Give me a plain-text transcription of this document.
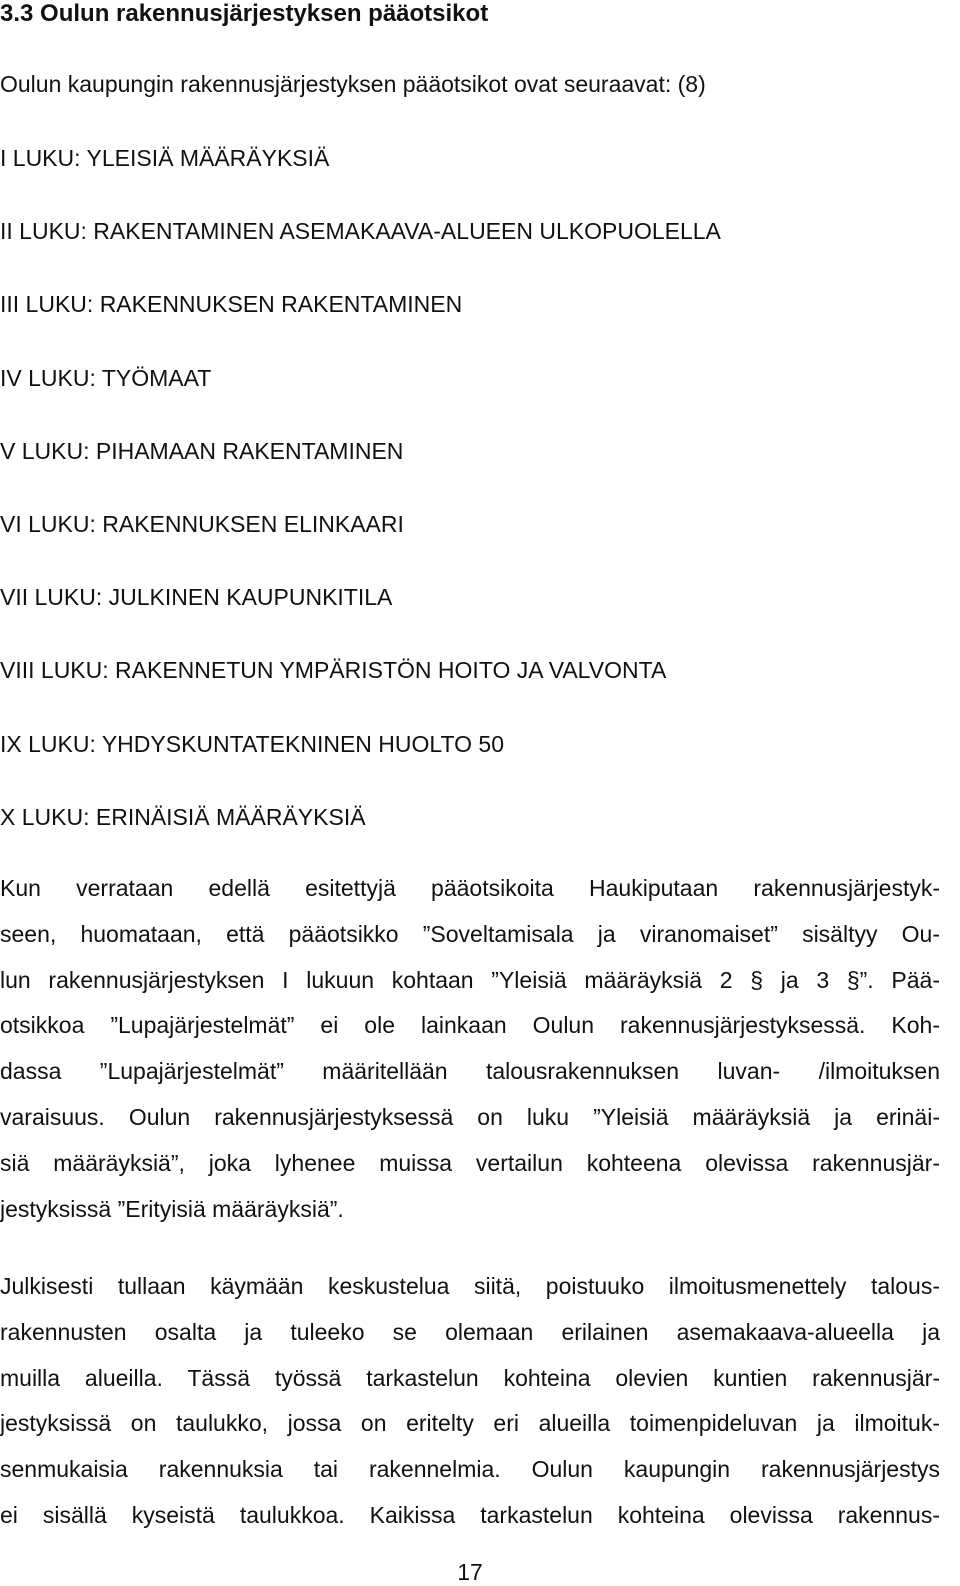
3.3 Oulun rakennusjärjestyksen pääotsikot
Oulun kaupungin rakennusjärjestyksen pääotsikot ovat seuraavat: (8)
I LUKU: YLEISIÄ MÄÄRÄYKSIÄ
II LUKU: RAKENTAMINEN ASEMAKAAVA-ALUEEN ULKOPUOLELLA
III LUKU: RAKENNUKSEN RAKENTAMINEN
IV LUKU: TYÖMAAT
V LUKU: PIHAMAAN RAKENTAMINEN
VI LUKU: RAKENNUKSEN ELINKAARI
VII LUKU: JULKINEN KAUPUNKITILA
VIII LUKU: RAKENNETUN YMPÄRISTÖN HOITO JA VALVONTA
IX LUKU: YHDYSKUNTATEKNINEN HUOLTO 50
X LUKU: ERINÄISIÄ MÄÄRÄYKSIÄ

Kun verrataan edellä esitettyjä pääotsikoita Haukiputaan rakennusjärjestyk-
seen, huomataan, että pääotsikko ”Soveltamisala ja viranomaiset” sisältyy Ou-
lun rakennusjärjestyksen I lukuun kohtaan ”Yleisiä määräyksiä 2 § ja 3 §”. Pää-
otsikkoa ”Lupajärjestelmät” ei ole lainkaan Oulun rakennusjärjestyksessä. Koh-
dassa ”Lupajärjestelmät” määritellään talousrakennuksen luvan- /ilmoituksen
varaisuus. Oulun rakennusjärjestyksessä on luku ”Yleisiä määräyksiä ja erinäi-
siä määräyksiä”, joka lyhenee muissa vertailun kohteena olevissa rakennusjär-
jestyksissä ”Erityisiä määräyksiä”.

Julkisesti tullaan käymään keskustelua siitä, poistuuko ilmoitusmenettely talous-
rakennusten osalta ja tuleeko se olemaan erilainen asemakaava-alueella ja
muilla alueilla. Tässä työssä tarkastelun kohteina olevien kuntien rakennusjär-
jestyksissä on taulukko, jossa on eritelty eri alueilla toimenpideluvan ja ilmoituk-
senmukaisia rakennuksia tai rakennelmia. Oulun kaupungin rakennusjärjestys
ei sisällä kyseistä taulukkoa. Kaikissa tarkastelun kohteina olevissa rakennus-

17
